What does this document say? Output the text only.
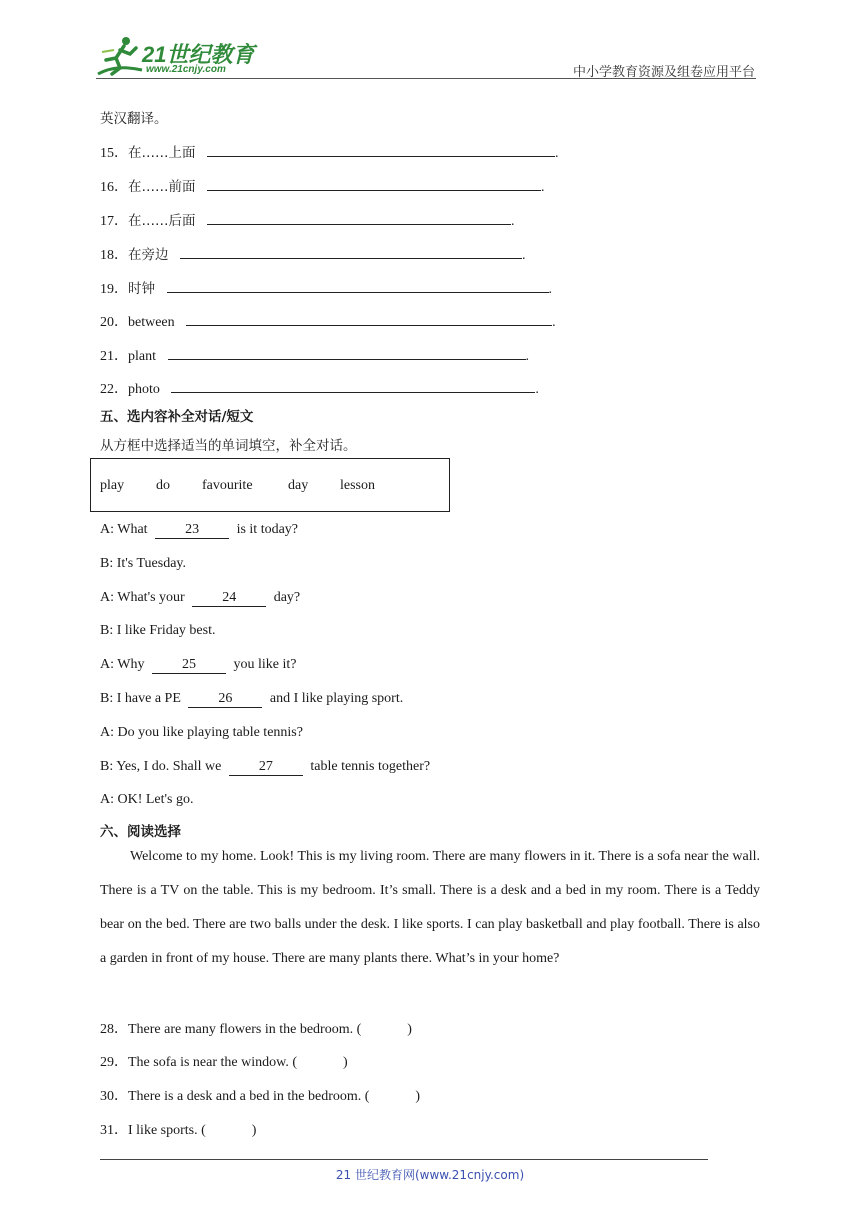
21世纪教育
www.21cnjy.com	中小学教育资源及组卷应用平台
英汉翻译。
15．在……上面	.
16．在……前面	.
17．在……后面	.
18．在旁边	.
19．时钟	.
20．between	.
21．plant	.
22．photo	.
五、选内容补全对话/短文
从方框中选择适当的单词填空，补全对话。
play do favourite	day lesson
A: What	23	is it today?
B: It's Tuesday.
A: What's your	24	day?
B: I like Friday best.
A: Why	25	you like it?
B: I have a PE	26	and I like playing sport.
A: Do you like playing table tennis?
B: Yes, I do. Shall we	27	table tennis together?
A: OK! Let's go.
六、阅读选择

Welcome to my home. Look! This is my living room. There are many flowers in it. There is a sofa near the wall. There is a TV on the table. This is my bedroom. It’s small. There is a desk and a bed in my room. There is a Teddy bear on the bed. There are two balls under the desk. I like sports. I can play basketball and play football. There is also a garden in front of my house. There are many plants there. What’s in your home?

28．There are many flowers in the bedroom. (	)
29．The sofa is near the window. (	)
30．There is a desk and a bed in the bedroom. (	)
31．I like sports. (	)
21 世纪教育网(www.21cnjy.com)
